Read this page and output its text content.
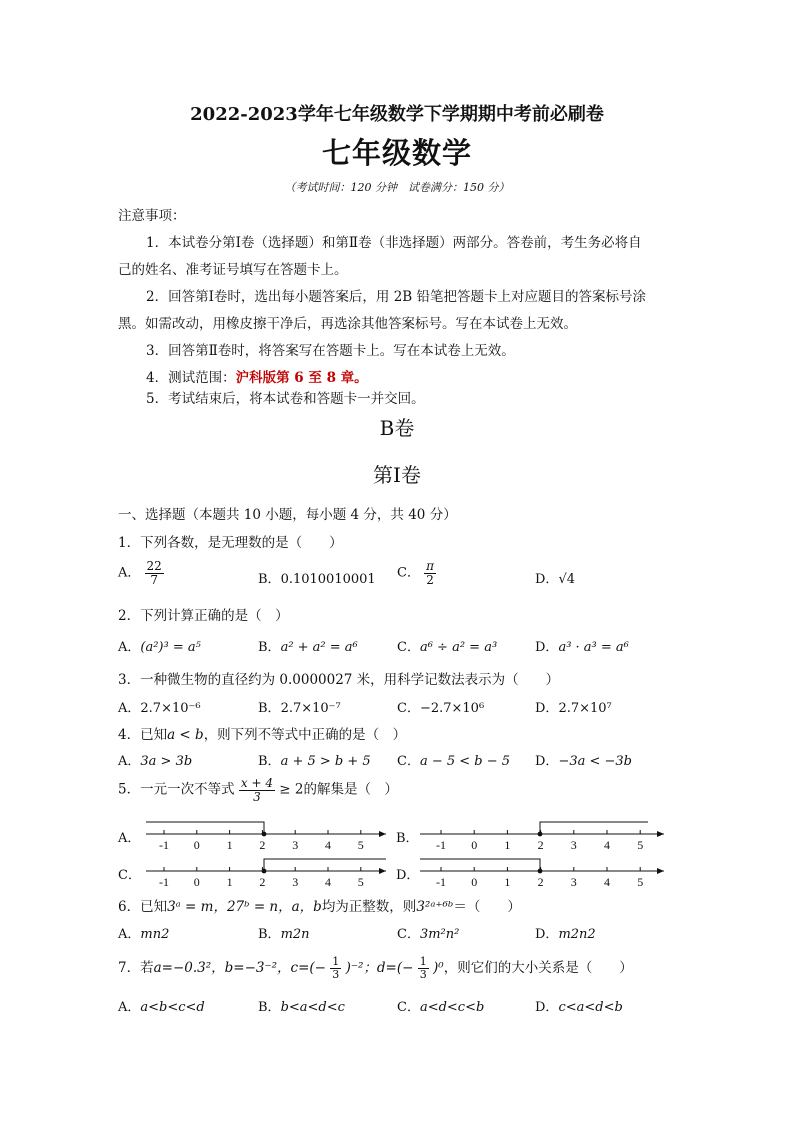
2022-2023学年七年级数学下学期期中考前必刷卷
七年级数学
（考试时间：120 分钟　试卷满分：150 分）
注意事项：
1．本试卷分第Ⅰ卷（选择题）和第Ⅱ卷（非选择题）两部分。答卷前，考生务必将自
己的姓名、准考证号填写在答题卡上。
2．回答第Ⅰ卷时，选出每小题答案后，用 2B 铅笔把答题卡上对应题目的答案标号涂
黑。如需改动，用橡皮擦干净后，再选涂其他答案标号。写在本试卷上无效。
3．回答第Ⅱ卷时，将答案写在答题卡上。写在本试卷上无效。
4．测试范围：沪科版第 6 至 8 章。
5．考试结束后，将本试卷和答题卡一并交回。
B卷
第Ⅰ卷
一、选择题（本题共 10 小题，每小题 4 分，共 40 分）
1．下列各数，是无理数的是（　　）
A． $\frac{22}{7}$	B．0.1010010001 C． $\frac{\pi}{2}$	D．√4
2．下列计算正确的是（　）
A．(a²)³ = a⁵	B．a² + a² = a⁶	C．a⁶ ÷ a² = a³	D．a³ · a³ = a⁶
3．一种微生物的直径约为 0.0000027 米，用科学记数法表示为（　　）
A．2.7×10⁻⁶	B．2.7×10⁻⁷	C．−2.7×10⁶	D．2.7×10⁷
4．已知a < b，则下列不等式中正确的是（　）
A．3a > 3b	B．a + 5 > b + 5 C．a − 5 < b − 5 D．−3a < −3b
5．一元一次不等式 $\frac{x + 4}{3} \ge 2$的解集是（　）
A．	B．
C．	D．
-1 0 1 2 3 4 5	-1 0 1 2 3 4 5
-1 0 1 2 3 4 5	-1 0 1 2 3 4 5
6．已知3ᵃ = m，27ᵇ = n，a，b均为正整数，则3²ᵃ⁺⁶ᵇ＝（　　）
A．mn2	B．m2n	C．3m²n²	D．m2n2
7．若a=−0.3²，b=−3⁻²，$c=(- \frac{1}{3} )^{-2}$；$d=(- \frac{1}{3} )^0$，则它们的大小关系是（　　）
A．a<b<c<d	B．b<a<d<c	C．a<d<c<b	D．c<a<d<b
